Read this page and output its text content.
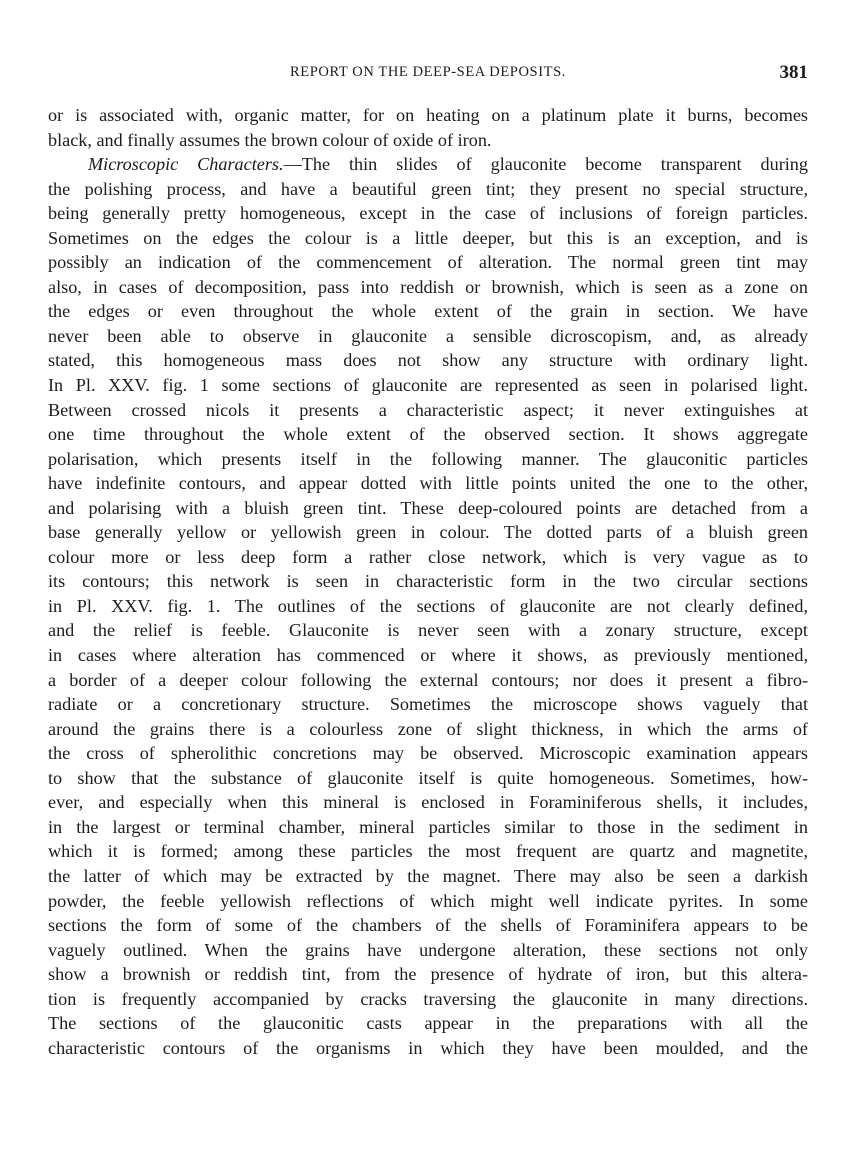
REPORT ON THE DEEP-SEA DEPOSITS.	381
or is associated with, organic matter, for on heating on a platinum plate it burns, becomes
black, and finally assumes the brown colour of oxide of iron.
Microscopic Characters.—The thin slides of glauconite become transparent during
the polishing process, and have a beautiful green tint; they present no special structure,
being generally pretty homogeneous, except in the case of inclusions of foreign particles.
Sometimes on the edges the colour is a little deeper, but this is an exception, and is
possibly an indication of the commencement of alteration. The normal green tint may
also, in cases of decomposition, pass into reddish or brownish, which is seen as a zone on
the edges or even throughout the whole extent of the grain in section. We have
never been able to observe in glauconite a sensible dicroscopism, and, as already
stated, this homogeneous mass does not show any structure with ordinary light.
In Pl. XXV. fig. 1 some sections of glauconite are represented as seen in polarised light.
Between crossed nicols it presents a characteristic aspect; it never extinguishes at
one time throughout the whole extent of the observed section. It shows aggregate
polarisation, which presents itself in the following manner. The glauconitic particles
have indefinite contours, and appear dotted with little points united the one to the other,
and polarising with a bluish green tint. These deep-coloured points are detached from a
base generally yellow or yellowish green in colour. The dotted parts of a bluish green
colour more or less deep form a rather close network, which is very vague as to
its contours; this network is seen in characteristic form in the two circular sections
in Pl. XXV. fig. 1. The outlines of the sections of glauconite are not clearly defined,
and the relief is feeble. Glauconite is never seen with a zonary structure, except
in cases where alteration has commenced or where it shows, as previously mentioned,
a border of a deeper colour following the external contours; nor does it present a fibro-
radiate or a concretionary structure. Sometimes the microscope shows vaguely that
around the grains there is a colourless zone of slight thickness, in which the arms of
the cross of spherolithic concretions may be observed. Microscopic examination appears
to show that the substance of glauconite itself is quite homogeneous. Sometimes, how-
ever, and especially when this mineral is enclosed in Foraminiferous shells, it includes,
in the largest or terminal chamber, mineral particles similar to those in the sediment in
which it is formed; among these particles the most frequent are quartz and magnetite,
the latter of which may be extracted by the magnet. There may also be seen a darkish
powder, the feeble yellowish reflections of which might well indicate pyrites. In some
sections the form of some of the chambers of the shells of Foraminifera appears to be
vaguely outlined. When the grains have undergone alteration, these sections not only
show a brownish or reddish tint, from the presence of hydrate of iron, but this altera-
tion is frequently accompanied by cracks traversing the glauconite in many directions.
The sections of the glauconitic casts appear in the preparations with all the
characteristic contours of the organisms in which they have been moulded, and the
